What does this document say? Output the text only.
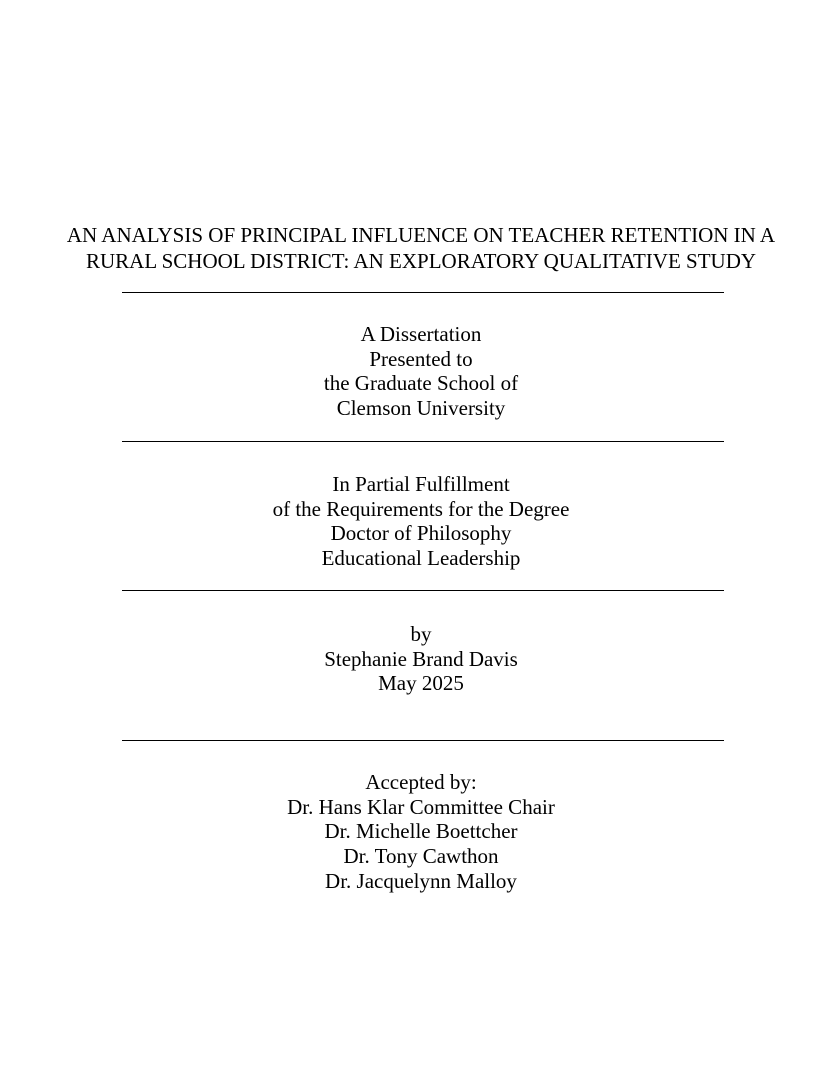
AN ANALYSIS OF PRINCIPAL INFLUENCE ON TEACHER RETENTION IN A
RURAL SCHOOL DISTRICT: AN EXPLORATORY QUALITATIVE STUDY
A Dissertation
Presented to
the Graduate School of
Clemson University
In Partial Fulfillment
of the Requirements for the Degree
Doctor of Philosophy
Educational Leadership
by
Stephanie Brand Davis
May 2025
Accepted by:
Dr. Hans Klar Committee Chair
Dr. Michelle Boettcher
Dr. Tony Cawthon
Dr. Jacquelynn Malloy
